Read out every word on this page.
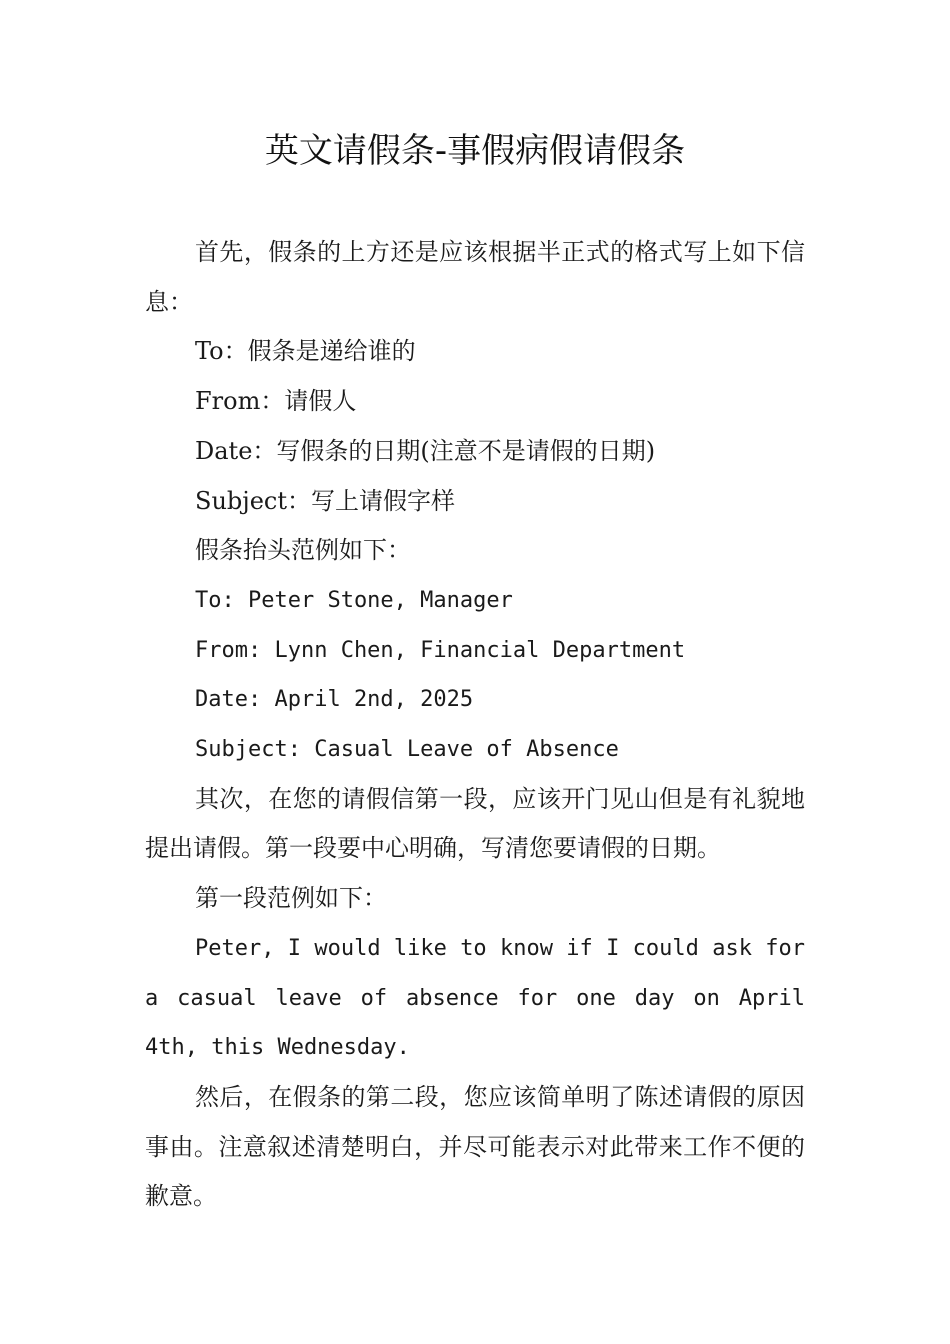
英文请假条-事假病假请假条

首先，假条的上方还是应该根据半正式的格式写上如下信息：

To：假条是递给谁的

From：请假人

Date：写假条的日期(注意不是请假的日期)

Subject：写上请假字样

假条抬头范例如下：

To: Peter Stone, Manager

From: Lynn Chen, Financial Department

Date: April 2nd, 2025

Subject: Casual Leave of Absence

其次，在您的请假信第一段，应该开门见山但是有礼貌地提出请假。第一段要中心明确，写清您要请假的日期。

第一段范例如下：

Peter, I would like to know if I could ask for a casual leave of absence for one day on April 4th, this Wednesday.

然后，在假条的第二段，您应该简单明了陈述请假的原因事由。注意叙述清楚明白，并尽可能表示对此带来工作不便的歉意。
